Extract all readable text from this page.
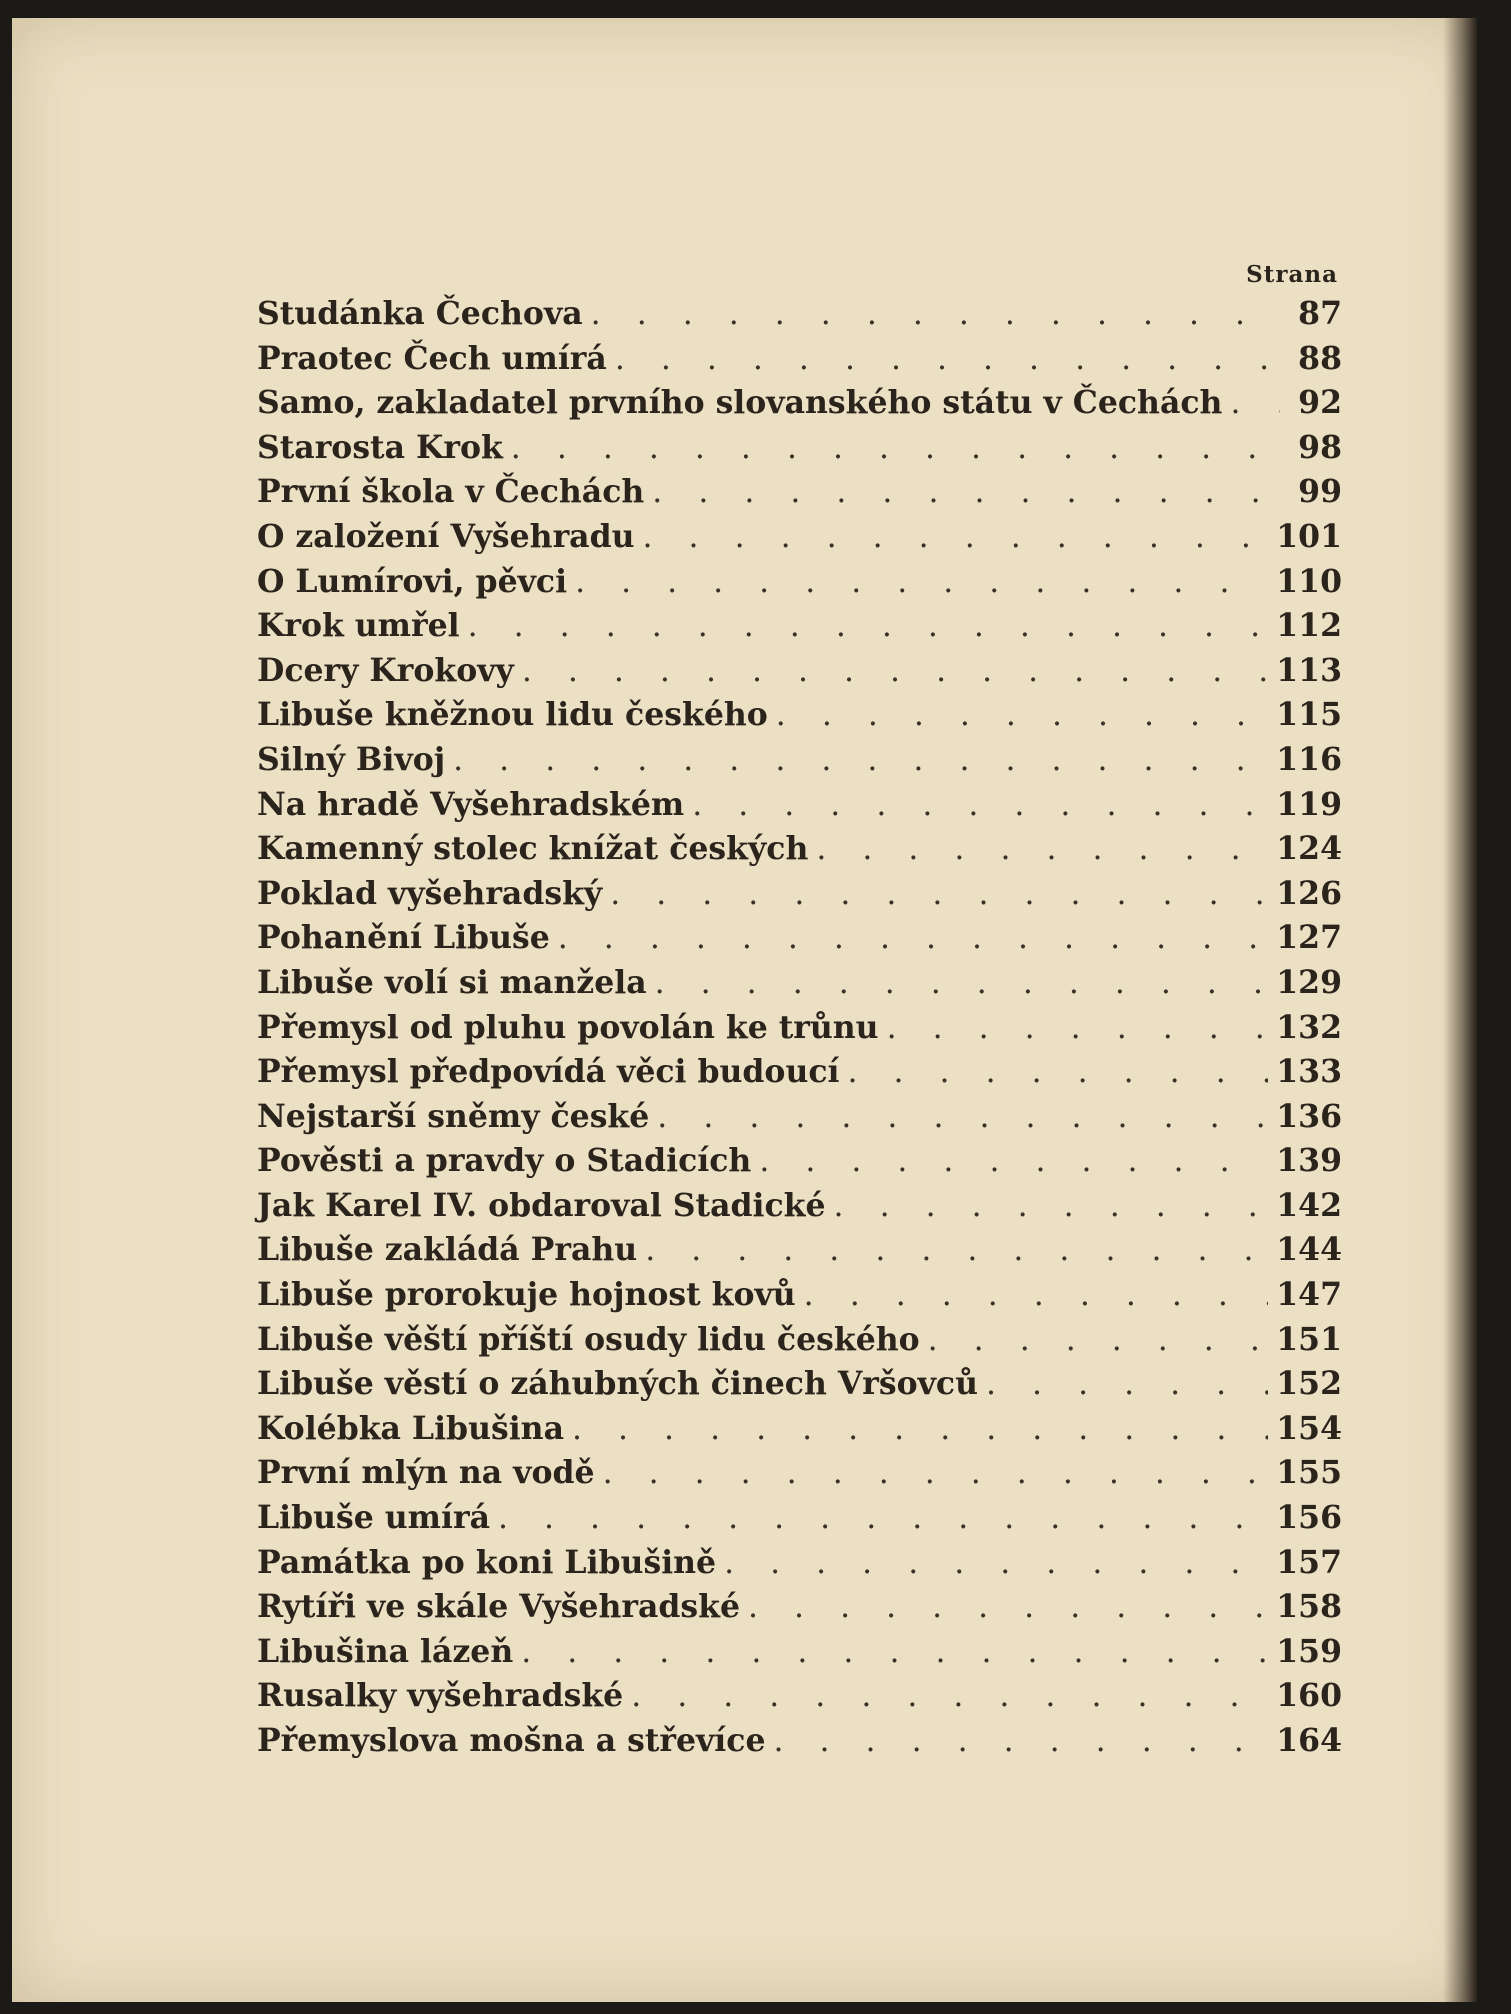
Strana
Studánka Čechova . . .	87
Praotec Čech umírá . . .	88
Samo, zakladatel prvního slovanského státu v Čechách . . .	92
Starosta Krok . . .	98
První škola v Čechách . . .	99
O založení Vyšehradu . . .	101
O Lumírovi, pěvci . . .	110
Krok umřel . . .	112
Dcery Krokovy . . .	113
Libuše kněžnou lidu českého . . .	115
Silný Bivoj . . .	116
Na hradě Vyšehradském . . .	119
Kamenný stolec knížat českých . . .	124
Poklad vyšehradský . . .	126
Pohanění Libuše . . .	127
Libuše volí si manžela . . .	129
Přemysl od pluhu povolán ke trůnu . . .	132
Přemysl předpovídá věci budoucí . . .	133
Nejstarší sněmy české . . .	136
Pověsti a pravdy o Stadicích . . .	139
Jak Karel IV. obdaroval Stadické . . .	142
Libuše zakládá Prahu . . .	144
Libuše prorokuje hojnost kovů . . .	147
Libuše věští příští osudy lidu českého . . .	151
Libuše věstí o záhubných činech Vršovců . . .	152
Kolébka Libušina . . .	154
První mlýn na vodě . . .	155
Libuše umírá . . .	156
Památka po koni Libušině . . .	157
Rytíři ve skále Vyšehradské . . .	158
Libušina lázeň . . .	159
Rusalky vyšehradské . . .	160
Přemyslova mošna a střevíce . . .	164
